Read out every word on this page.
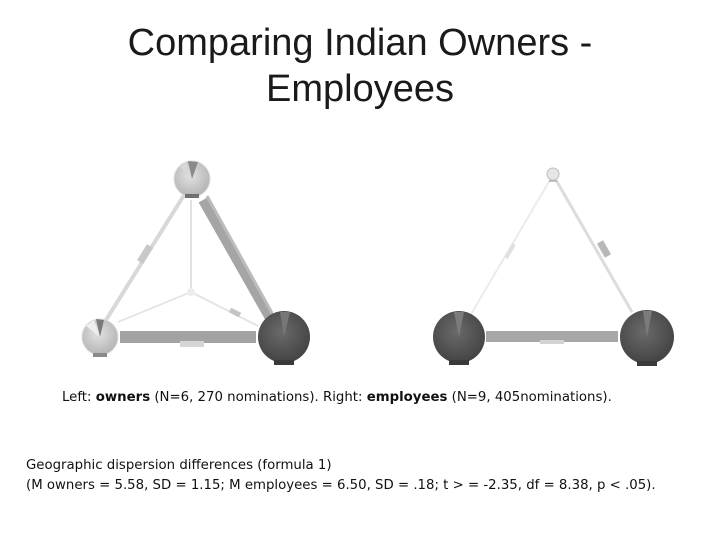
Comparing Indian Owners -
Employees
Left: owners (N=6, 270 nominations). Right: employees (N=9, 405nominations).
Geographic dispersion differences (formula 1)
(M owners = 5.58, SD = 1.15; M employees = 6.50, SD = .18; t > = -2.35, df = 8.38, p < .05).
